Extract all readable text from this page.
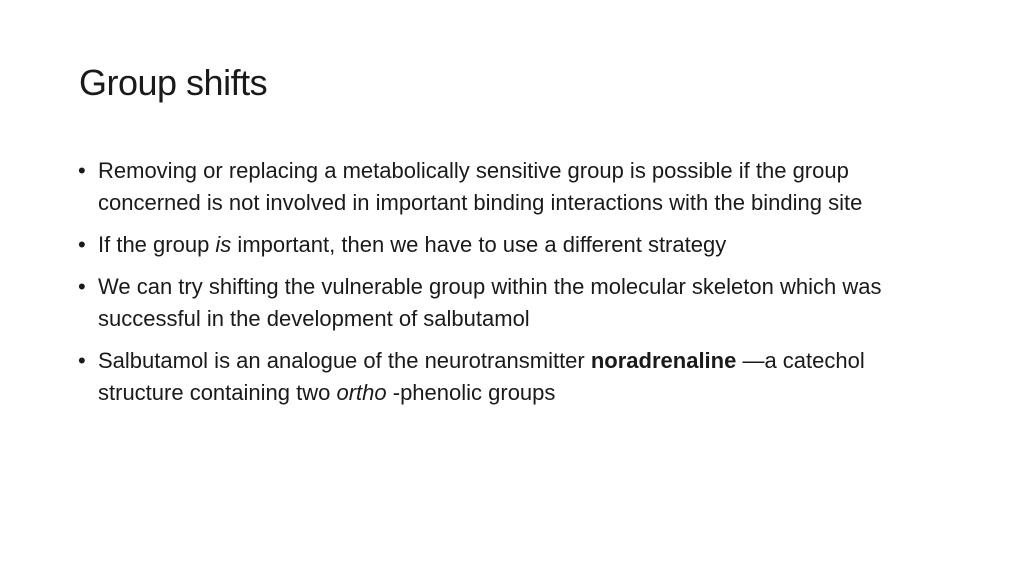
Group shifts
• Removing or replacing a metabolically sensitive group is possible if the group concerned is not involved in important binding interactions with the binding site
• If the group is important, then we have to use a different strategy
• We can try shifting the vulnerable group within the molecular skeleton which was successful in the development of salbutamol
• Salbutamol is an analogue of the neurotransmitter noradrenaline —a catechol structure containing two ortho -phenolic groups
